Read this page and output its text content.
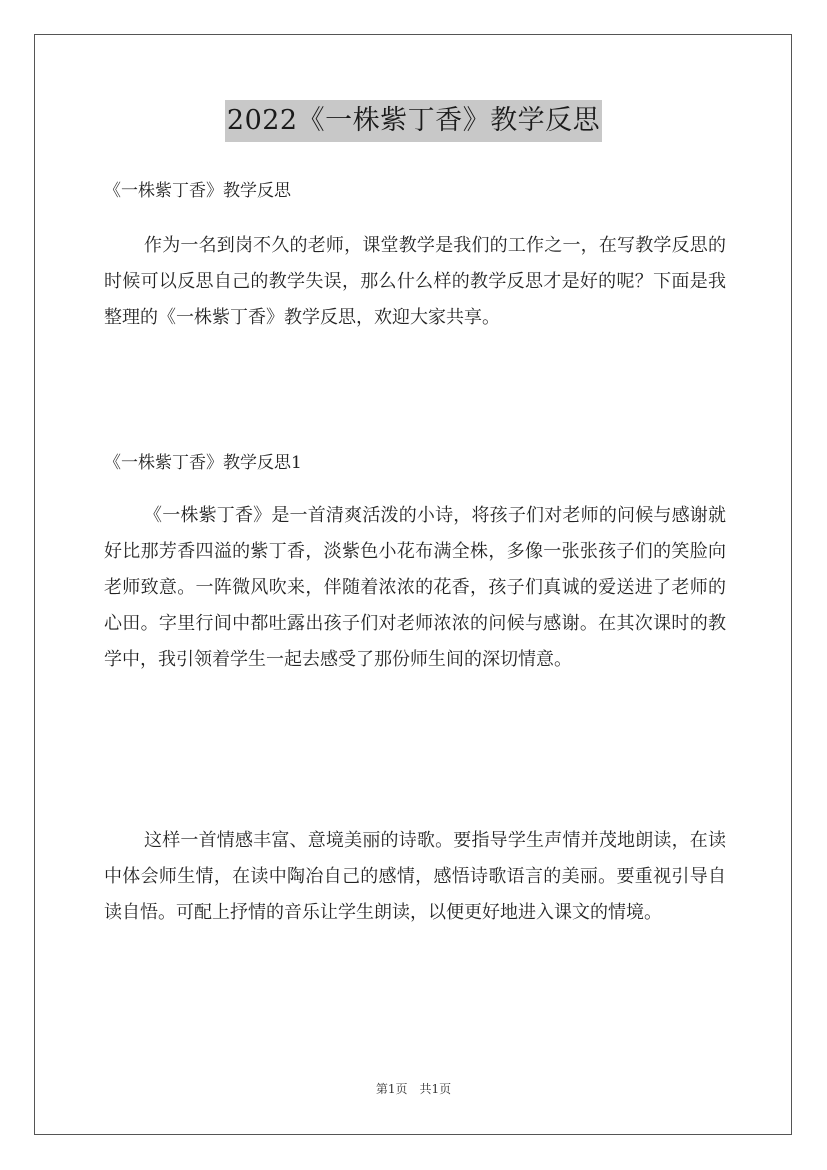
2022《一株紫丁香》教学反思
《一株紫丁香》教学反思

作为一名到岗不久的老师，课堂教学是我们的工作之一，在写教学反思的时候可以反思自己的教学失误，那么什么样的教学反思才是好的呢？下面是我整理的《一株紫丁香》教学反思，欢迎大家共享。

《一株紫丁香》教学反思1

《一株紫丁香》是一首清爽活泼的小诗，将孩子们对老师的问候与感谢就好比那芳香四溢的紫丁香，淡紫色小花布满全株，多像一张张孩子们的笑脸向老师致意。一阵微风吹来，伴随着浓浓的花香，孩子们真诚的爱送进了老师的心田。字里行间中都吐露出孩子们对老师浓浓的问候与感谢。在其次课时的教学中，我引领着学生一起去感受了那份师生间的深切情意。

这样一首情感丰富、意境美丽的诗歌。要指导学生声情并茂地朗读，在读中体会师生情，在读中陶冶自己的感情，感悟诗歌语言的美丽。要重视引导自读自悟。可配上抒情的音乐让学生朗读，以便更好地进入课文的情境。

第1页 共1页
